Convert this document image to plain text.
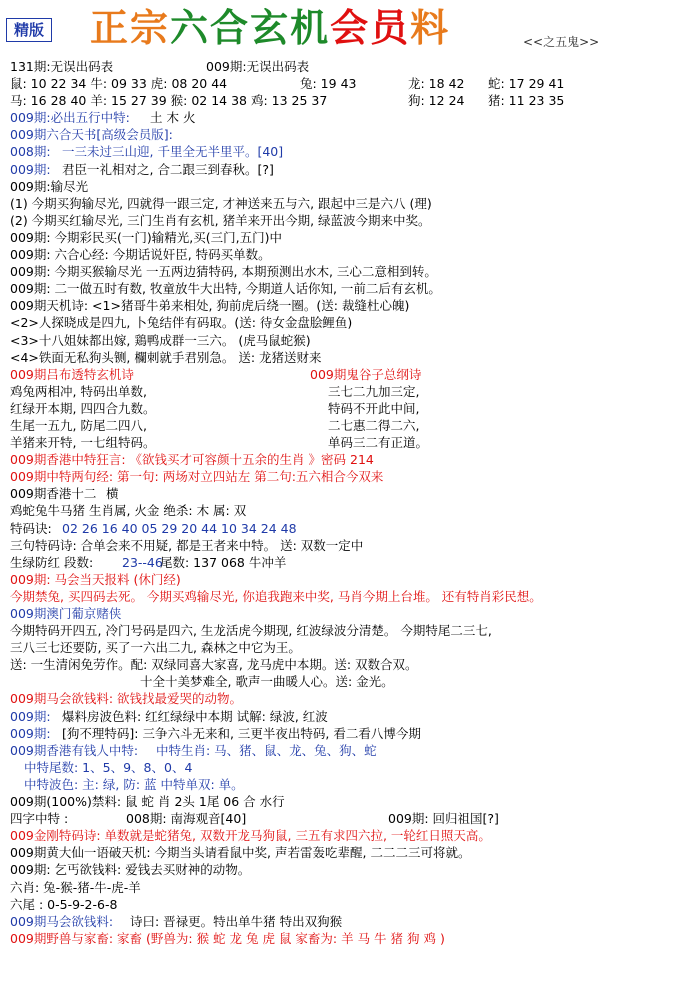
精版 正宗六合玄机会员料	<<之五鬼>>
131期:无误出码表	009期:无误出码表
鼠: 10 22 34 牛: 09 33 虎: 08 20 44	兔: 19 43	龙: 18 42 蛇: 17 29 41
马: 16 28 40 羊: 15 27 39 猴: 02 14 38 鸡: 13 25 37	狗: 12 24 猪: 11 23 35
009期:必出五行中特: 土 木 火
009期六合天书[高级会员版]:
008期: 一三未过三山迎, 千里全无半里平。[40]
009期: 君臣一礼相对之, 合二跟三到春秋。[?]
009期:输尽光
(1) 今期买狗输尽光, 四就得一跟三定, 才神送来五与六, 跟起中三是六八 (理)
(2) 今期买红输尽光, 三门生肖有玄机, 猪羊来开出今期, 绿蓝波今期来中奖。
009期: 今期彩民买(一门)输精光,买(三门,五门)中
009期: 六合心经: 今期话说奸臣, 特码买单数。
009期: 今期买猴输尽光 一五两边猜特码, 本期预测出水木, 三心二意相到转。
009期: 二一做五时有数, 牧童放牛大出特, 今期道人话你知, 一前二后有玄机。
009期天机诗: <1>猪哥牛弟来相处, 狗前虎后绕一圈。(送: 裁缝杜心魄)
<2>人探晓成是四九, 卜兔结伴有码取。(送: 待女金盘脍鲤鱼)
<3>十八姐妹都出嫁, 鶏鸭成群一三六。 (虎马鼠蛇猴)
<4>铁面无私狗头铡, 欄刺就手君别急。 送: 龙猪送财来
009期吕布透特玄机诗	009期鬼谷子总纲诗
鸡兔两相冲, 特码出单数,	三七二九加三定,
红绿开本期, 四四合九数。	特码不开此中间,
生尾一五九, 防尾二四八,	二七惠二得二六,
羊猪来开特, 一七组特码。	单码三二有正道。
009期香港中特狂言: 《欲钱买才可容颜十五余的生肖 》密码 214
009期中特两句经: 第一句: 两场对立四站左 第二句:五六相合今双来
009期香港十二 横
鸡蛇兔牛马猪 生肖属, 火金 绝杀: 木 属: 双
特码诀: 02 26 16 40 05 29 20 44 10 34 24 48
三句特码诗: 合单会来不用疑, 都是王者来中特。 送: 双数一定中
生绿防红 段数: 23--46
尾数: 137 068 牛冲羊
009期: 马会当天报料 (休门经)
今期禁兔, 买四码去死。 今期买鸡输尽光, 你追我跑来中奖, 马肖今期上台堆。 还有特肖彩民想。
009期澳门葡京赌侠
今期特码开四五, 冷门号码是四六, 生龙活虎今期现, 红波绿波分清楚。 今期特尾二三七,
三八三七还要防, 买了一六出二九, 森林之中它为王。
送: 一生清闲免劳作。配: 双绿同喜大家喜, 龙马虎中本期。送: 双数合双。
十全十美梦难全, 歌声一曲暖人心。送: 金光。
009期马会欲钱料: 欲钱找最爱哭的动物。
009期: 爆料房波色料: 红红绿绿中本期 试解: 绿波, 红波
009期: [狗不理特码]: 三争六斗无来和, 三更半夜出特码, 看二看八博今期
009期香港有钱人中特: 中特生肖: 马、猪、鼠、龙、兔、狗、蛇
中特尾数: 1、5、9、8、0、4
中特波色: 主: 绿, 防: 蓝 中特单双: 单。
009期(100%)禁料: 鼠 蛇 肖 2头 1尾 06 合 水行
四字中特 :	008期: 南海观音[40]	009期: 回归祖国[?]
009金刚特码诗: 单数就是蛇猪兔, 双数开龙马狗鼠, 三五有求四六拉, 一轮红日照天高。
009期黄大仙一语破天机: 今期当头请看鼠中奖, 声若雷轰吃辈醒, 二二二三可将就。
009期: 乞丐欲钱料: 爱钱去买财神的动物。
六肖: 兔-猴-猪-牛-虎-羊
六尾 : 0-5-9-2-6-8
009期马会欲钱料: 诗曰: 晋禄更。特出单牛猪 特出双狗猴
009期野兽与家畜: 家畜 (野兽为: 猴 蛇 龙 兔 虎 鼠 家畜为: 羊 马 牛 猪 狗 鸡 )
